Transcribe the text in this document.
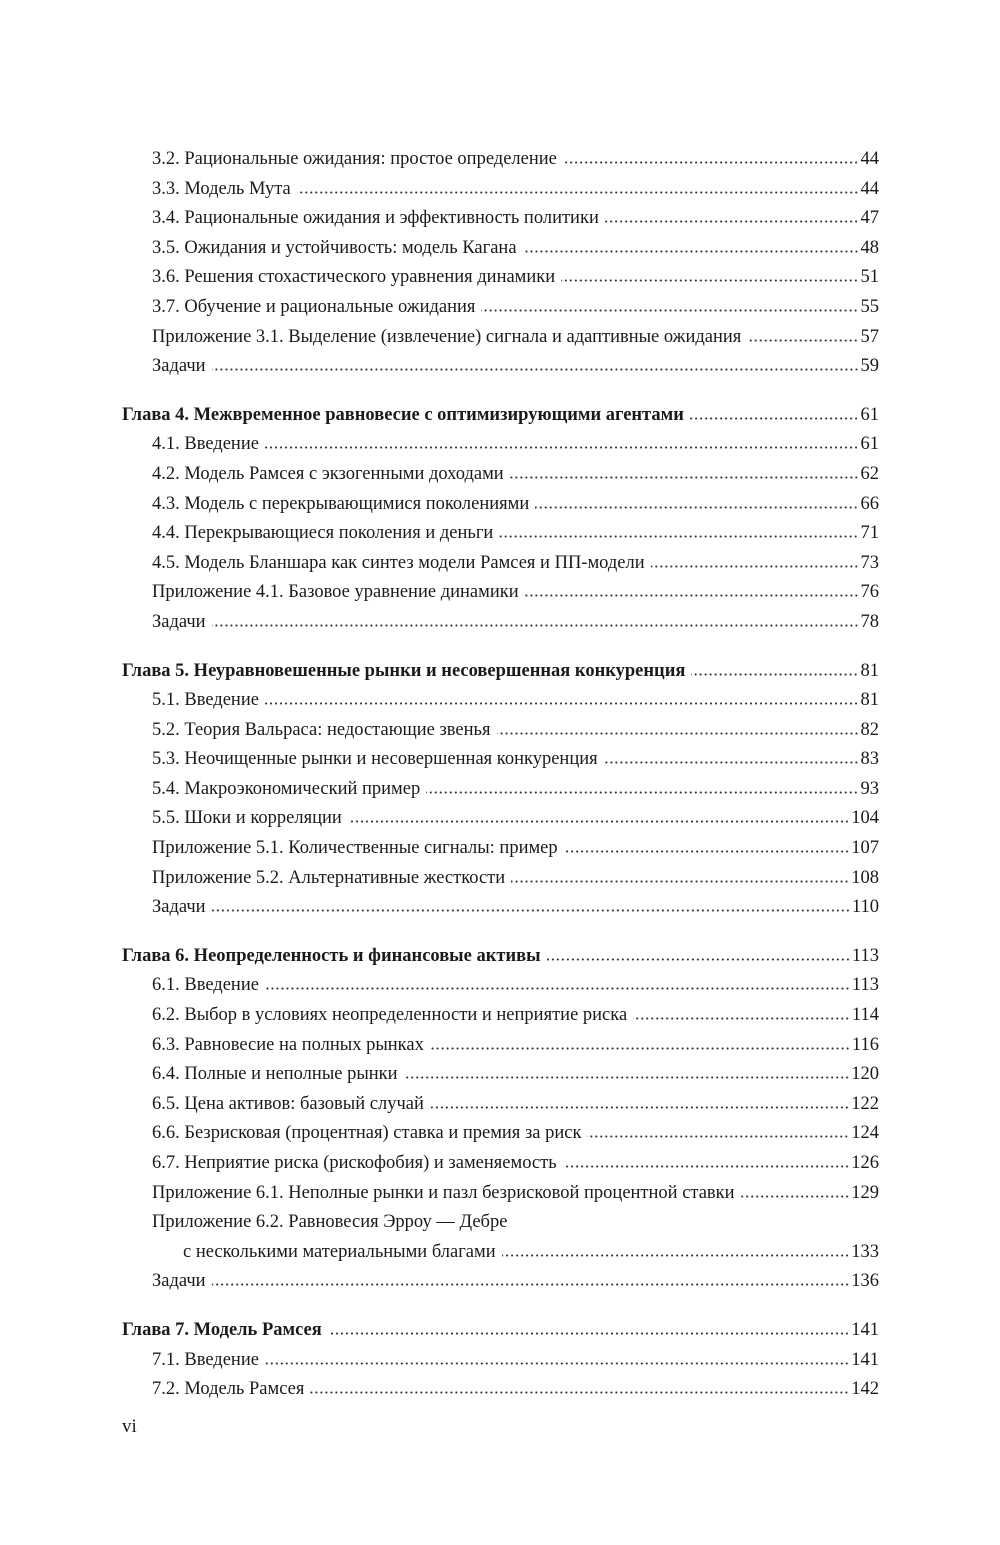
3.2. Рациональные ожидания: простое определение	44
3.3. Модель Мута	44
3.4. Рациональные ожидания и эффективность политики	47
3.5. Ожидания и устойчивость: модель Кагана	48
3.6. Решения стохастического уравнения динамики	51
3.7. Обучение и рациональные ожидания	55
Приложение 3.1. Выделение (извлечение) сигнала и адаптивные ожидания	57
Задачи	59
Глава 4. Межвременное равновесие с оптимизирующими агентами	61
4.1. Введение	61
4.2. Модель Рамсея с экзогенными доходами	62
4.3. Модель с перекрывающимися поколениями	66
4.4. Перекрывающиеся поколения и деньги	71
4.5. Модель Бланшара как синтез модели Рамсея и ПП-модели	73
Приложение 4.1. Базовое уравнение динамики	76
Задачи	78
Глава 5. Неуравновешенные рынки и несовершенная конкуренция	81
5.1. Введение	81
5.2. Теория Вальраса: недостающие звенья	82
5.3. Неочищенные рынки и несовершенная конкуренция	83
5.4. Макроэкономический пример	93
5.5. Шоки и корреляции	104
Приложение 5.1. Количественные сигналы: пример	107
Приложение 5.2. Альтернативные жесткости	108
Задачи	110
Глава 6. Неопределенность и финансовые активы	113
6.1. Введение	113
6.2. Выбор в условиях неопределенности и неприятие риска	114
6.3. Равновесие на полных рынках	116
6.4. Полные и неполные рынки	120
6.5. Цена активов: базовый случай	122
6.6. Безрисковая (процентная) ставка и премия за риск	124
6.7. Неприятие риска (рискофобия) и заменяемость	126
Приложение 6.1. Неполные рынки и пазл безрисковой процентной ставки	129
Приложение 6.2. Равновесия Эрроу — Дебре
с несколькими материальными благами	133
Задачи	136
Глава 7. Модель Рамсея	141
7.1. Введение	141
7.2. Модель Рамсея	142
vi
